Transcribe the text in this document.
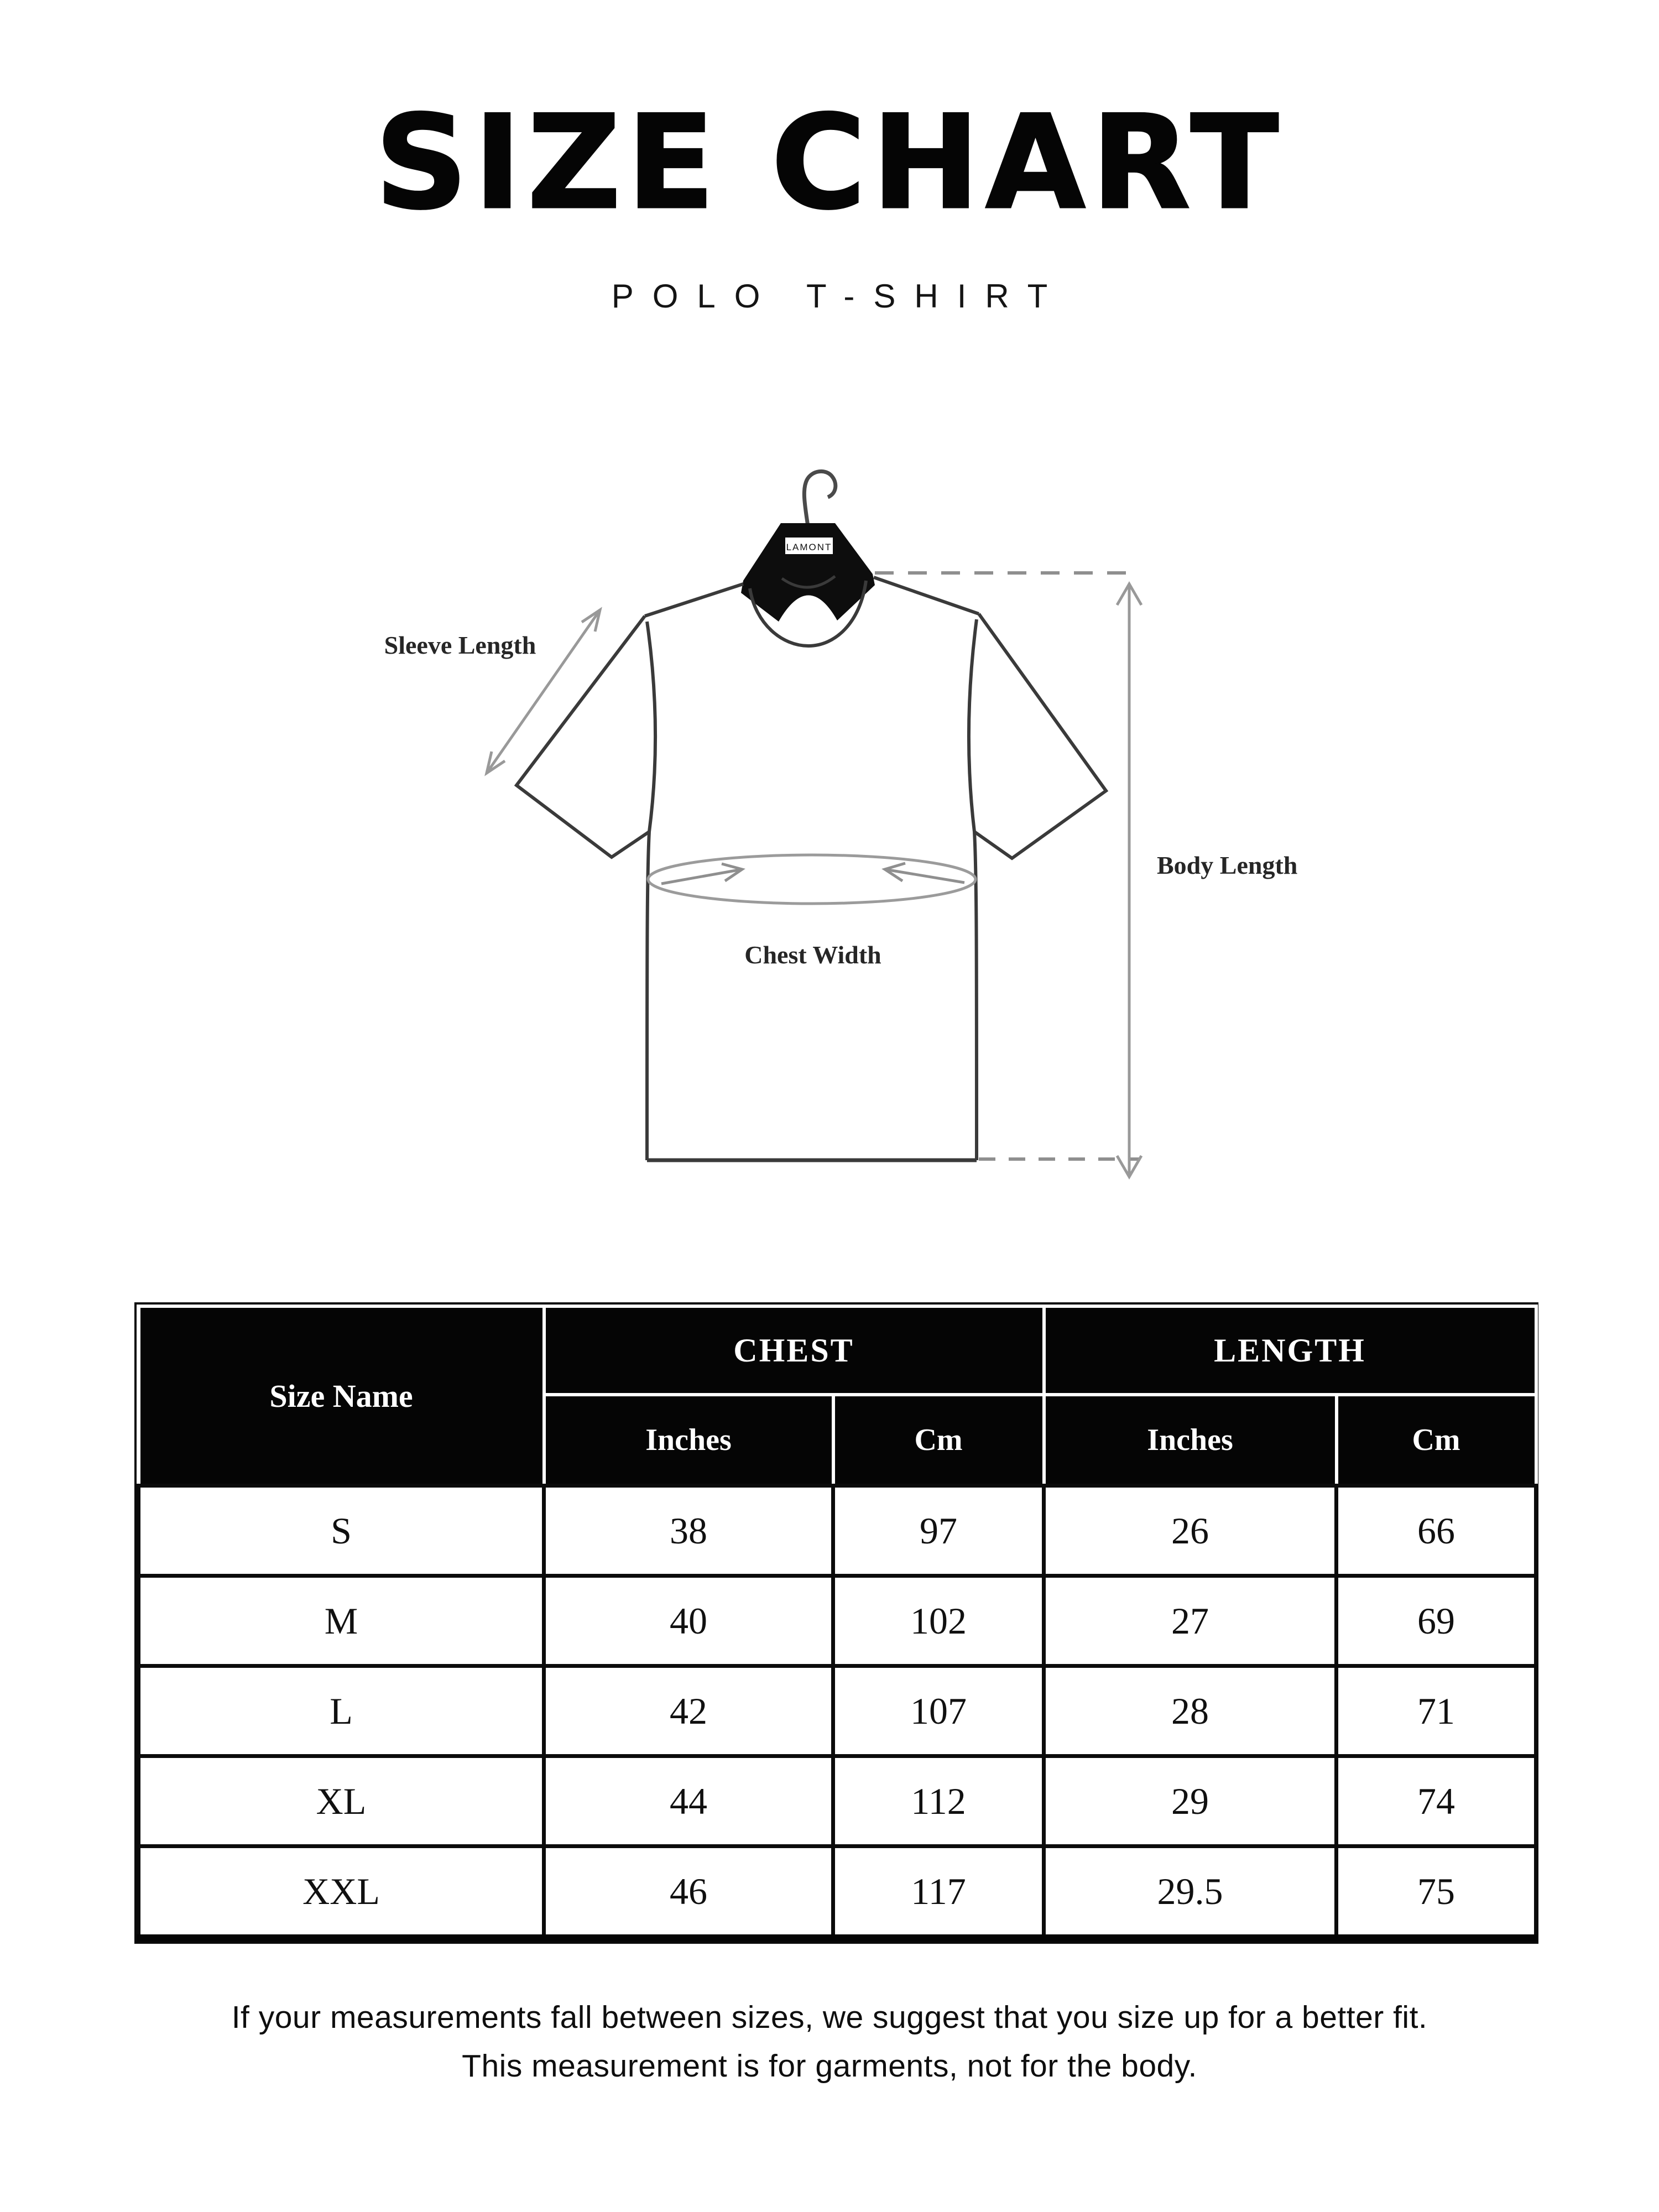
SIZE CHART
POLO T-SHIRT
LAMONT
Sleeve Length
Body Length
Chest Width
Size Name	CHEST		LENGTH	
	Inches	Cm	Inches	Cm
S	38	97	26	66
M	40	102	27	69
L	42	107	28	71
XL	44	112	29	74
XXL	46	117	29.5	75
If your measurements fall between sizes, we suggest that you size up for a better fit.
This measurement is for garments, not for the body.
